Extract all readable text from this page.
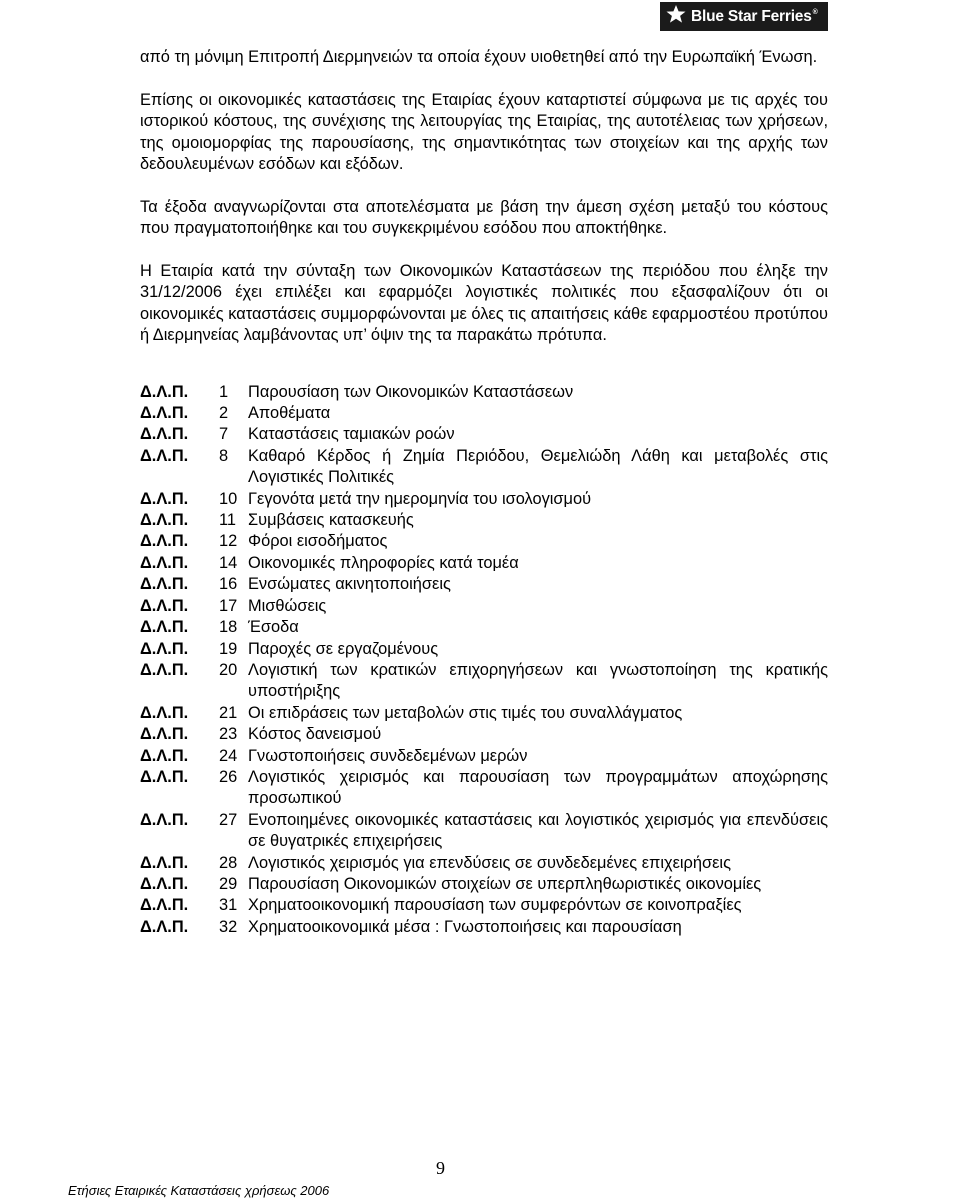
Blue Star Ferries®

από τη μόνιμη Επιτροπή Διερμηνειών τα οποία έχουν υιοθετηθεί από την Ευρωπαϊκή Ένωση.

Επίσης οι οικονομικές καταστάσεις της Εταιρίας έχουν καταρτιστεί σύμφωνα με τις αρχές του ιστορικού κόστους, της συνέχισης της λειτουργίας της Εταιρίας, της αυτοτέλειας των χρήσεων, της ομοιομορφίας της παρουσίασης, της σημαντικότητας των στοιχείων και της αρχής των δεδουλευμένων εσόδων και εξόδων.

Τα έξοδα αναγνωρίζονται στα αποτελέσματα με βάση την άμεση σχέση μεταξύ του κόστους που πραγματοποιήθηκε και του συγκεκριμένου εσόδου που αποκτήθηκε.

Η Εταιρία κατά την σύνταξη των Οικονομικών Καταστάσεων της περιόδου που έληξε την 31/12/2006 έχει επιλέξει και εφαρμόζει λογιστικές πολιτικές που εξασφαλίζουν ότι οι οικονομικές καταστάσεις συμμορφώνονται με όλες τις απαιτήσεις κάθε εφαρμοστέου προτύπου ή Διερμηνείας λαμβάνοντας υπ’ όψιν της τα παρακάτω πρότυπα.

Δ.Λ.Π.	1	Παρουσίαση των Οικονομικών Καταστάσεων
Δ.Λ.Π.	2	Αποθέματα
Δ.Λ.Π.	7	Καταστάσεις ταμιακών ροών
Δ.Λ.Π.	8	Καθαρό Κέρδος ή Ζημία Περιόδου, Θεμελιώδη Λάθη και μεταβολές στις Λογιστικές Πολιτικές
Δ.Λ.Π.	10 Γεγονότα μετά την ημερομηνία του ισολογισμού
Δ.Λ.Π.	11 Συμβάσεις κατασκευής
Δ.Λ.Π.	12 Φόροι εισοδήματος
Δ.Λ.Π.	14 Οικονομικές πληροφορίες κατά τομέα
Δ.Λ.Π.	16 Ενσώματες ακινητοποιήσεις
Δ.Λ.Π.	17 Μισθώσεις
Δ.Λ.Π.	18 Έσοδα
Δ.Λ.Π.	19 Παροχές σε εργαζομένους
Δ.Λ.Π.	20 Λογιστική των κρατικών επιχορηγήσεων και γνωστοποίηση της κρατικής υποστήριξης
Δ.Λ.Π.	21 Οι επιδράσεις των μεταβολών στις τιμές του συναλλάγματος
Δ.Λ.Π.	23 Κόστος δανεισμού
Δ.Λ.Π.	24 Γνωστοποιήσεις συνδεδεμένων μερών
Δ.Λ.Π.	26 Λογιστικός χειρισμός και παρουσίαση των προγραμμάτων αποχώρησης προσωπικού
Δ.Λ.Π.	27 Ενοποιημένες οικονομικές καταστάσεις και λογιστικός χειρισμός για επενδύσεις σε θυγατρικές επιχειρήσεις
Δ.Λ.Π.	28 Λογιστικός χειρισμός για επενδύσεις σε συνδεδεμένες επιχειρήσεις
Δ.Λ.Π.	29 Παρουσίαση Οικονομικών στοιχείων σε υπερπληθωριστικές οικονομίες
Δ.Λ.Π.	31 Χρηματοοικονομική παρουσίαση των συμφερόντων σε κοινοπραξίες
Δ.Λ.Π.	32 Χρηματοοικονομικά μέσα : Γνωστοποιήσεις και παρουσίαση
9
Ετήσιες Εταιρικές Καταστάσεις χρήσεως 2006
